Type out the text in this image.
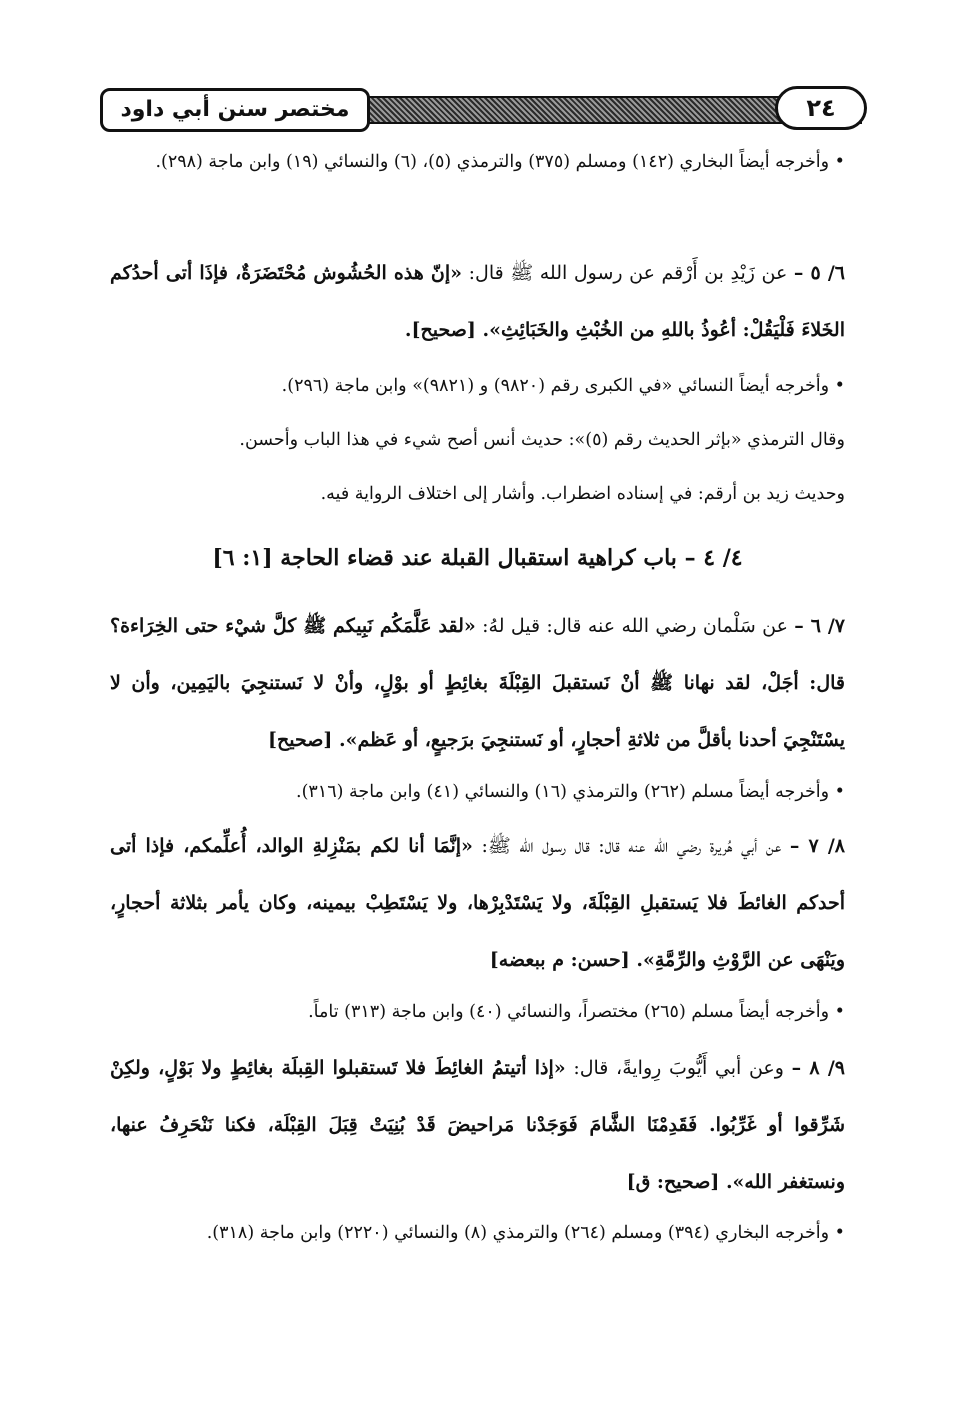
مختصر سنن أبي داود	٢٤
• وأخرجه أيضاً البخاري (١٤٢) ومسلم (٣٧٥) والترمذي (٥)، (٦) والنسائي (١٩) وابن ماجة (٢٩٨).
٦/ ٥ – عن زَيْدِ بن أَرْقم عن رسول الله ﷺ قال: «إنّ هذه الحُشُوش مُحْتَضَرَةٌ، فإذَا أتى أحدُكم الخَلاءَ فَلْيَقُلْ: أعُوذُ باللهِ من الخُبْثِ والخَبَائِثِ». [صحيح].
• وأخرجه أيضاً النسائي «في الكبرى رقم (٩٨٢٠) و (٩٨٢١)» وابن ماجة (٢٩٦).
وقال الترمذي «بإثر الحديث رقم (٥)»: حديث أنس أصح شيء في هذا الباب وأحسن.
وحديث زيد بن أرقم: في إسناده اضطراب. وأشار إلى اختلاف الرواية فيه.
٤/ ٤ – باب كراهية استقبال القبلة عند قضاء الحاجة [١: ٦]
٧/ ٦ – عن سَلْمان رضي الله عنه قال: قيل لهُ: «لقد عَلَّمَكُم نَبِيكم ﷺ كلَّ شيْء حتى الخِرَاءة؟ قال: أجَلْ، لقد نهانا ﷺ أنْ نَستقبلَ القِبْلَةَ بغائِطٍ أو بوْلٍ، وأنْ لا نَستنجِيَ باليَمِين، وأن لا يسْتَنْجِيَ أحدنا بأقلَّ من ثلاثةِ أحجارٍ، أو نَستنجِيَ برَجيعٍ، أو عَظم». [صحيح]
• وأخرجه أيضاً مسلم (٢٦٢) والترمذي (١٦) والنسائي (٤١) وابن ماجة (٣١٦).
٨/ ٧ – عن أبي هُريرة رضي الله عنه قال: قال رسول الله ﷺ: «إنَّمَا أنا لكم بمَنْزِلةِ الوالد، أُعلِّمكم، فإذا أتى أحدكم الغائطَ فلا يَستقبلِ القِبْلَةَ، ولا يَسْتَدْبِرْها، ولا يَسْتَطِبْ بيمينه، وكان يأمر بثلاثة أحجارٍ، ويَنْهَى عن الرَّوْثِ والرِّمَّةِ». [حسن: م ببعضه]
• وأخرجه أيضاً مسلم (٢٦٥) مختصراً، والنسائي (٤٠) وابن ماجة (٣١٣) تاماً.
٩/ ٨ – وعن أبي أَيُّوبَ رِوايةً، قال: «إذا أتيتمُ الغائِطَ فلا تَستقبلوا القِبلَة بغائِطٍ ولا بَوْلٍ، ولكِنْ شَرِّقوا أو غَرِّبُوا. فَقَدِمْنَا الشَّامَ فَوَجَدْنا مَراحيضَ قَدْ بُنِيَتْ قِبَلَ القِبْلَة، فكنا نَنْحَرِفُ عنها، ونستغفر الله». [صحيح: ق]
• وأخرجه البخاري (٣٩٤) ومسلم (٢٦٤) والترمذي (٨) والنسائي (٢٢٢٠) وابن ماجة (٣١٨).
